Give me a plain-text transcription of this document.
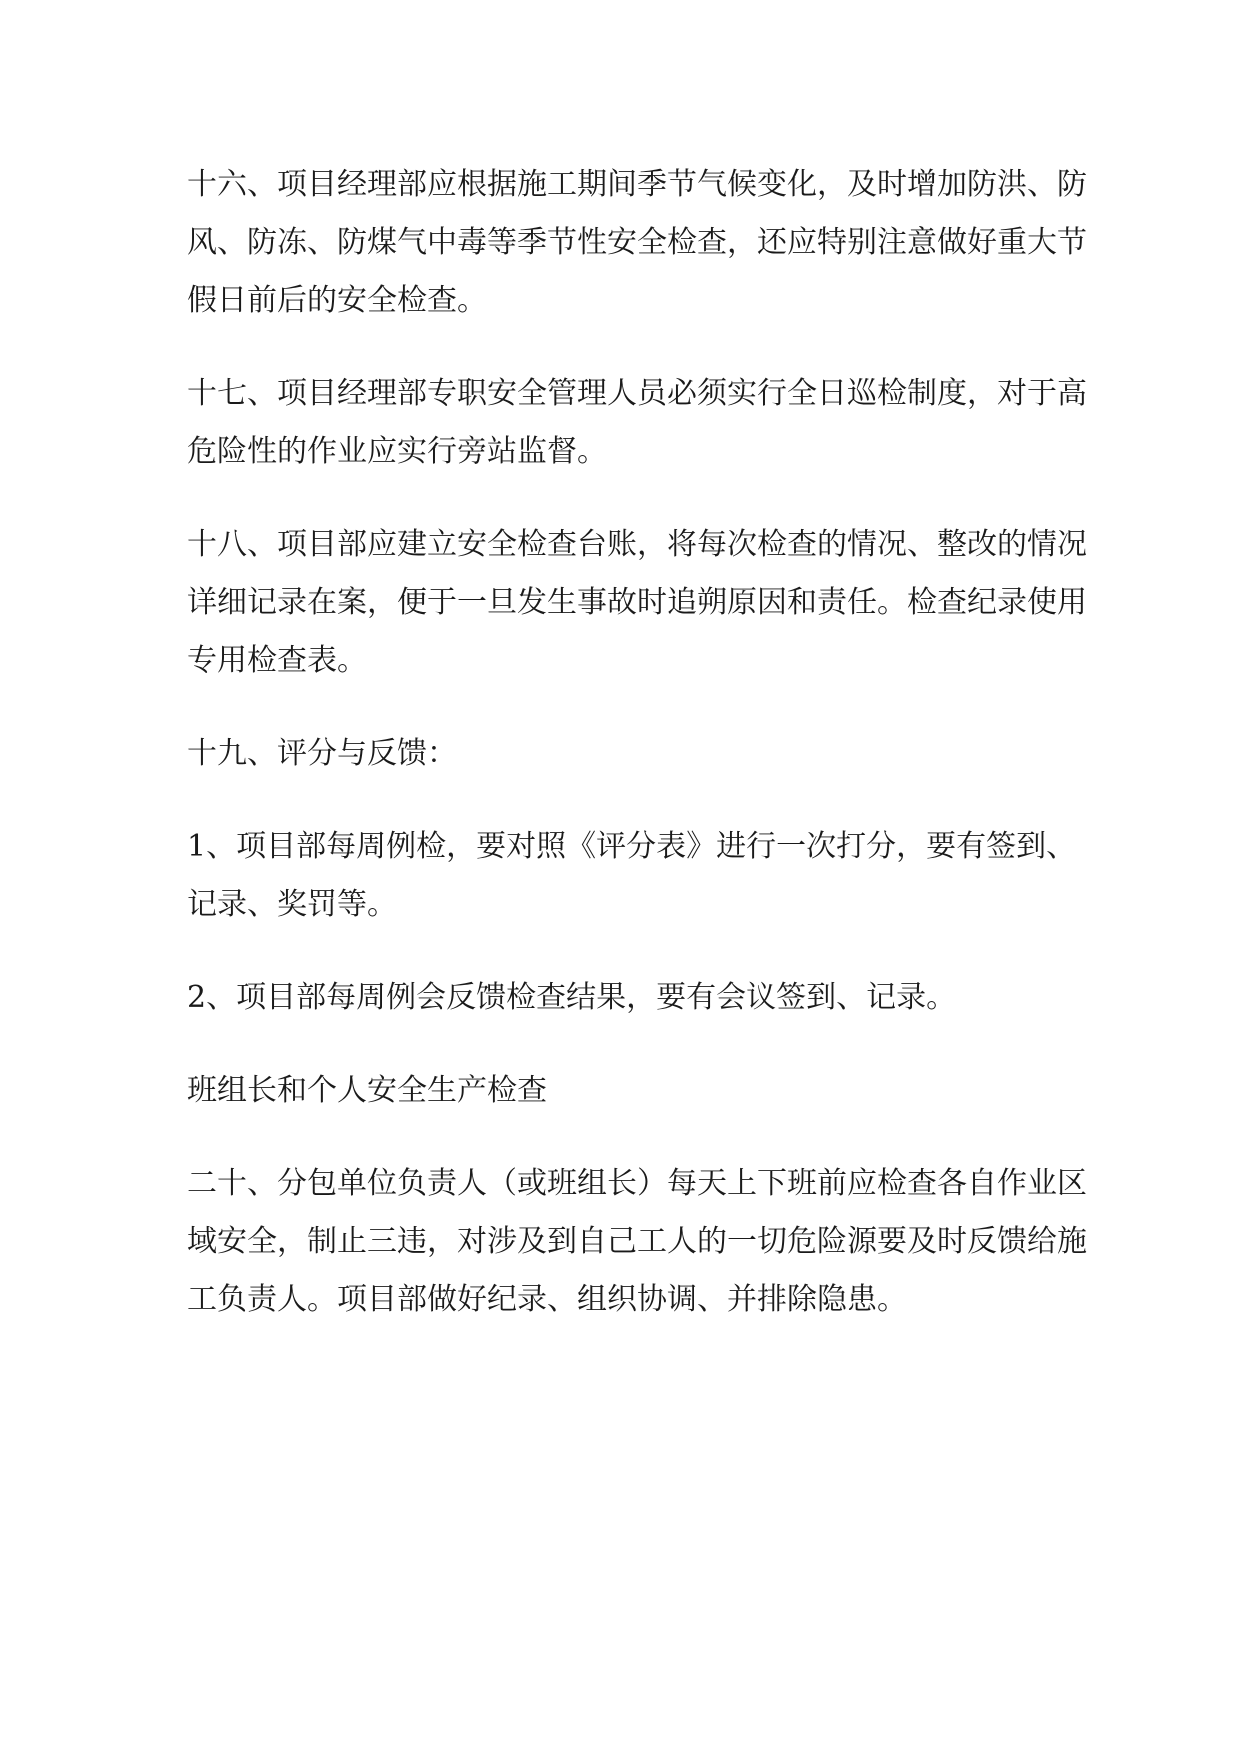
十六、项目经理部应根据施工期间季节气候变化，及时增加防洪、防
风、防冻、防煤气中毒等季节性安全检查，还应特别注意做好重大节
假日前后的安全检查。
十七、项目经理部专职安全管理人员必须实行全日巡检制度，对于高
危险性的作业应实行旁站监督。
十八、项目部应建立安全检查台账，将每次检查的情况、整改的情况
详细记录在案，便于一旦发生事故时追朔原因和责任。检查纪录使用
专用检查表。
十九、评分与反馈：
1、项目部每周例检，要对照《评分表》进行一次打分，要有签到、
记录、奖罚等。
2、项目部每周例会反馈检查结果，要有会议签到、记录。
班组长和个人安全生产检查
二十、分包单位负责人（或班组长）每天上下班前应检查各自作业区
域安全，制止三违，对涉及到自己工人的一切危险源要及时反馈给施
工负责人。项目部做好纪录、组织协调、并排除隐患。
